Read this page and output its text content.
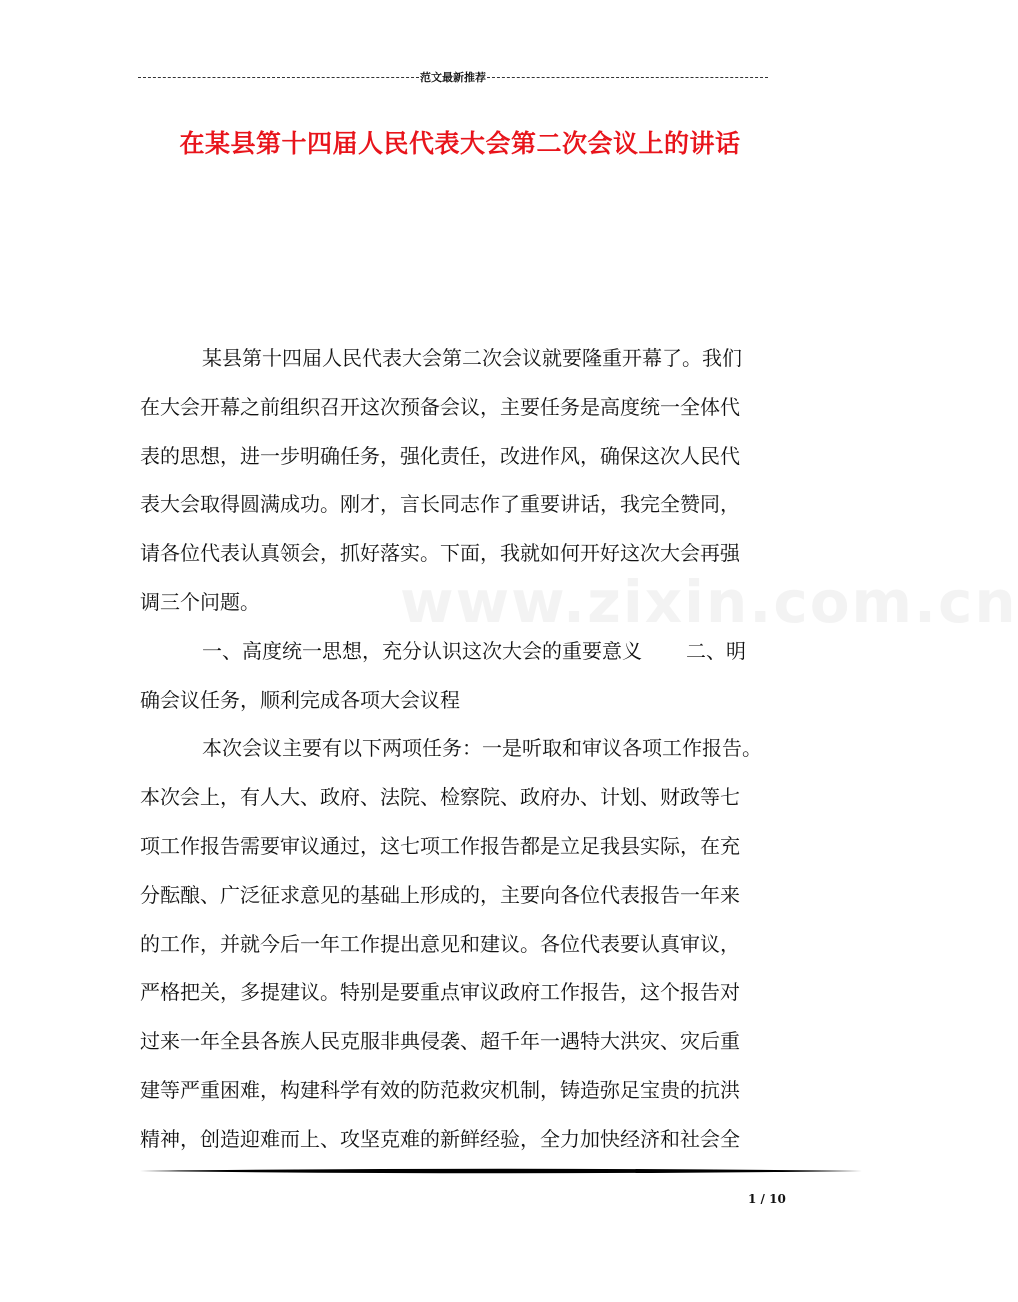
范文最新推荐
在某县第十四届人民代表大会第二次会议上的讲话
www.zixin.com.cn
某县第十四届人民代表大会第二次会议就要隆重开幕了。我们
在大会开幕之前组织召开这次预备会议，主要任务是高度统一全体代
表的思想，进一步明确任务，强化责任，改进作风，确保这次人民代
表大会取得圆满成功。刚才，言长同志作了重要讲话，我完全赞同，
请各位代表认真领会，抓好落实。下面，我就如何开好这次大会再强
调三个问题。
一、高度统一思想，充分认识这次大会的重要意义 二、明
确会议任务，顺利完成各项大会议程
本次会议主要有以下两项任务：一是听取和审议各项工作报告。
本次会上，有人大、政府、法院、检察院、政府办、计划、财政等七
项工作报告需要审议通过，这七项工作报告都是立足我县实际，在充
分酝酿、广泛征求意见的基础上形成的，主要向各位代表报告一年来
的工作，并就今后一年工作提出意见和建议。各位代表要认真审议，
严格把关，多提建议。特别是要重点审议政府工作报告，这个报告对
过来一年全县各族人民克服非典侵袭、超千年一遇特大洪灾、灾后重
建等严重困难，构建科学有效的防范救灾机制，铸造弥足宝贵的抗洪
精神，创造迎难而上、攻坚克难的新鲜经验，全力加快经济和社会全
1 / 10
